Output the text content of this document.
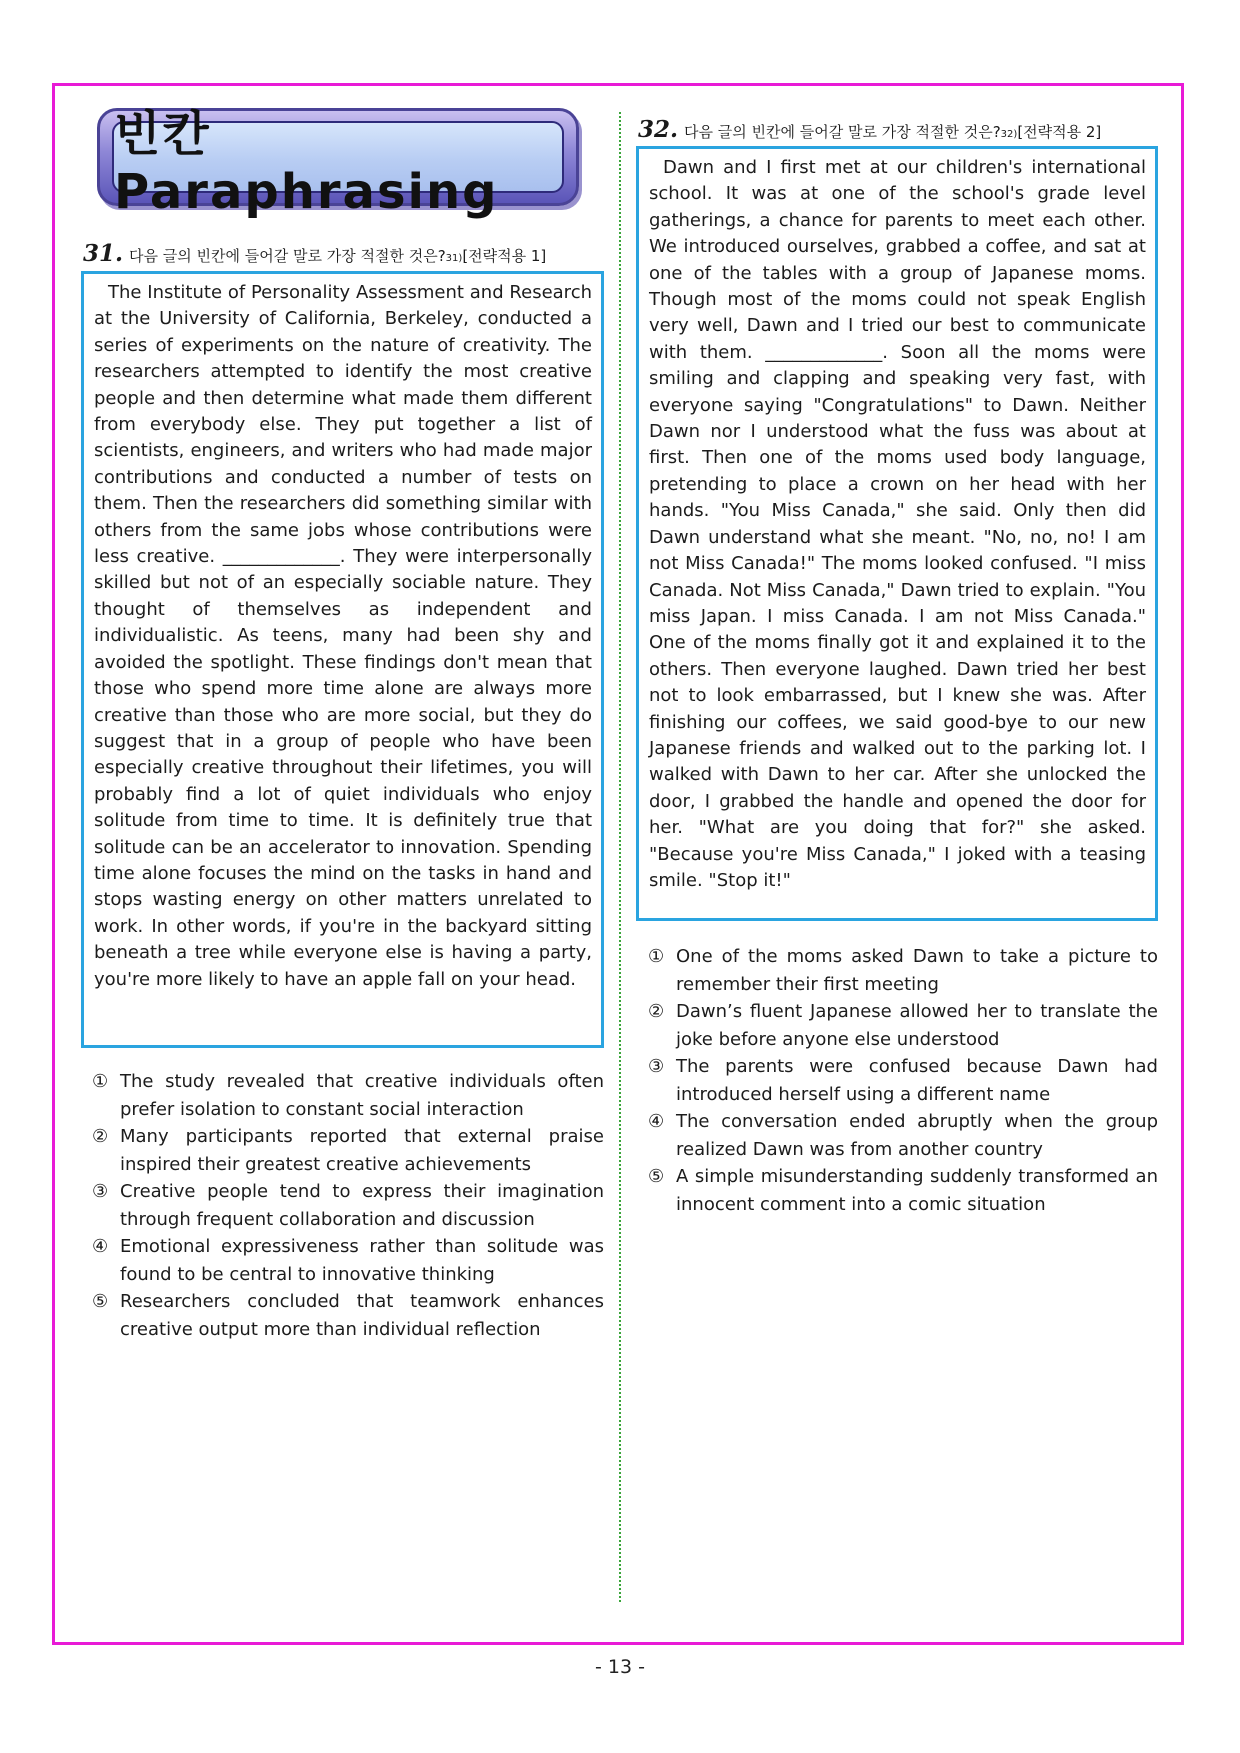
빈칸 Paraphrasing
31. 다음 글의 빈칸에 들어갈 말로 가장 적절한 것은? 31) [전략적용 1]
The Institute of Personality Assessment and Research at the University of California, Berkeley, conducted a series of experiments on the nature of creativity. The researchers attempted to identify the most creative people and then determine what made them different from everybody else. They put together a list of scientists, engineers, and writers who had made major contributions and conducted a number of tests on them. Then the researchers did something similar with others from the same jobs whose contributions were less creative. _____________. They were interpersonally skilled but not of an especially sociable nature. They thought of themselves as independent and individualistic. As teens, many had been shy and avoided the spotlight. These findings don't mean that those who spend more time alone are always more creative than those who are more social, but they do suggest that in a group of people who have been especially creative throughout their lifetimes, you will probably find a lot of quiet individuals who enjoy solitude from time to time. It is definitely true that solitude can be an accelerator to innovation. Spending time alone focuses the mind on the tasks in hand and stops wasting energy on other matters unrelated to work. In other words, if you're in the backyard sitting beneath a tree while everyone else is having a party, you're more likely to have an apple fall on your head.
① The study revealed that creative individuals often prefer isolation to constant social interaction
② Many participants reported that external praise inspired their greatest creative achievements
③ Creative people tend to express their imagination through frequent collaboration and discussion
④ Emotional expressiveness rather than solitude was found to be central to innovative thinking
⑤ Researchers concluded that teamwork enhances creative output more than individual reflection
32. 다음 글의 빈칸에 들어갈 말로 가장 적절한 것은? 32) [전략적용 2]
Dawn and I first met at our children's international school. It was at one of the school's grade level gatherings, a chance for parents to meet each other. We introduced ourselves, grabbed a coffee, and sat at one of the tables with a group of Japanese moms. Though most of the moms could not speak English very well, Dawn and I tried our best to communicate with them. _____________. Soon all the moms were smiling and clapping and speaking very fast, with everyone saying "Congratulations" to Dawn. Neither Dawn nor I understood what the fuss was about at first. Then one of the moms used body language, pretending to place a crown on her head with her hands. "You Miss Canada," she said. Only then did Dawn understand what she meant. "No, no, no! I am not Miss Canada!" The moms looked confused. "I miss Canada. Not Miss Canada," Dawn tried to explain. "You miss Japan. I miss Canada. I am not Miss Canada." One of the moms finally got it and explained it to the others. Then everyone laughed. Dawn tried her best not to look embarrassed, but I knew she was. After finishing our coffees, we said good-bye to our new Japanese friends and walked out to the parking lot. I walked with Dawn to her car. After she unlocked the door, I grabbed the handle and opened the door for her. "What are you doing that for?" she asked. "Because you're Miss Canada," I joked with a teasing smile. "Stop it!"
① One of the moms asked Dawn to take a picture to remember their first meeting
② Dawn’s fluent Japanese allowed her to translate the joke before anyone else understood
③ The parents were confused because Dawn had introduced herself using a different name
④ The conversation ended abruptly when the group realized Dawn was from another country
⑤ A simple misunderstanding suddenly transformed an innocent comment into a comic situation
- 13 -
